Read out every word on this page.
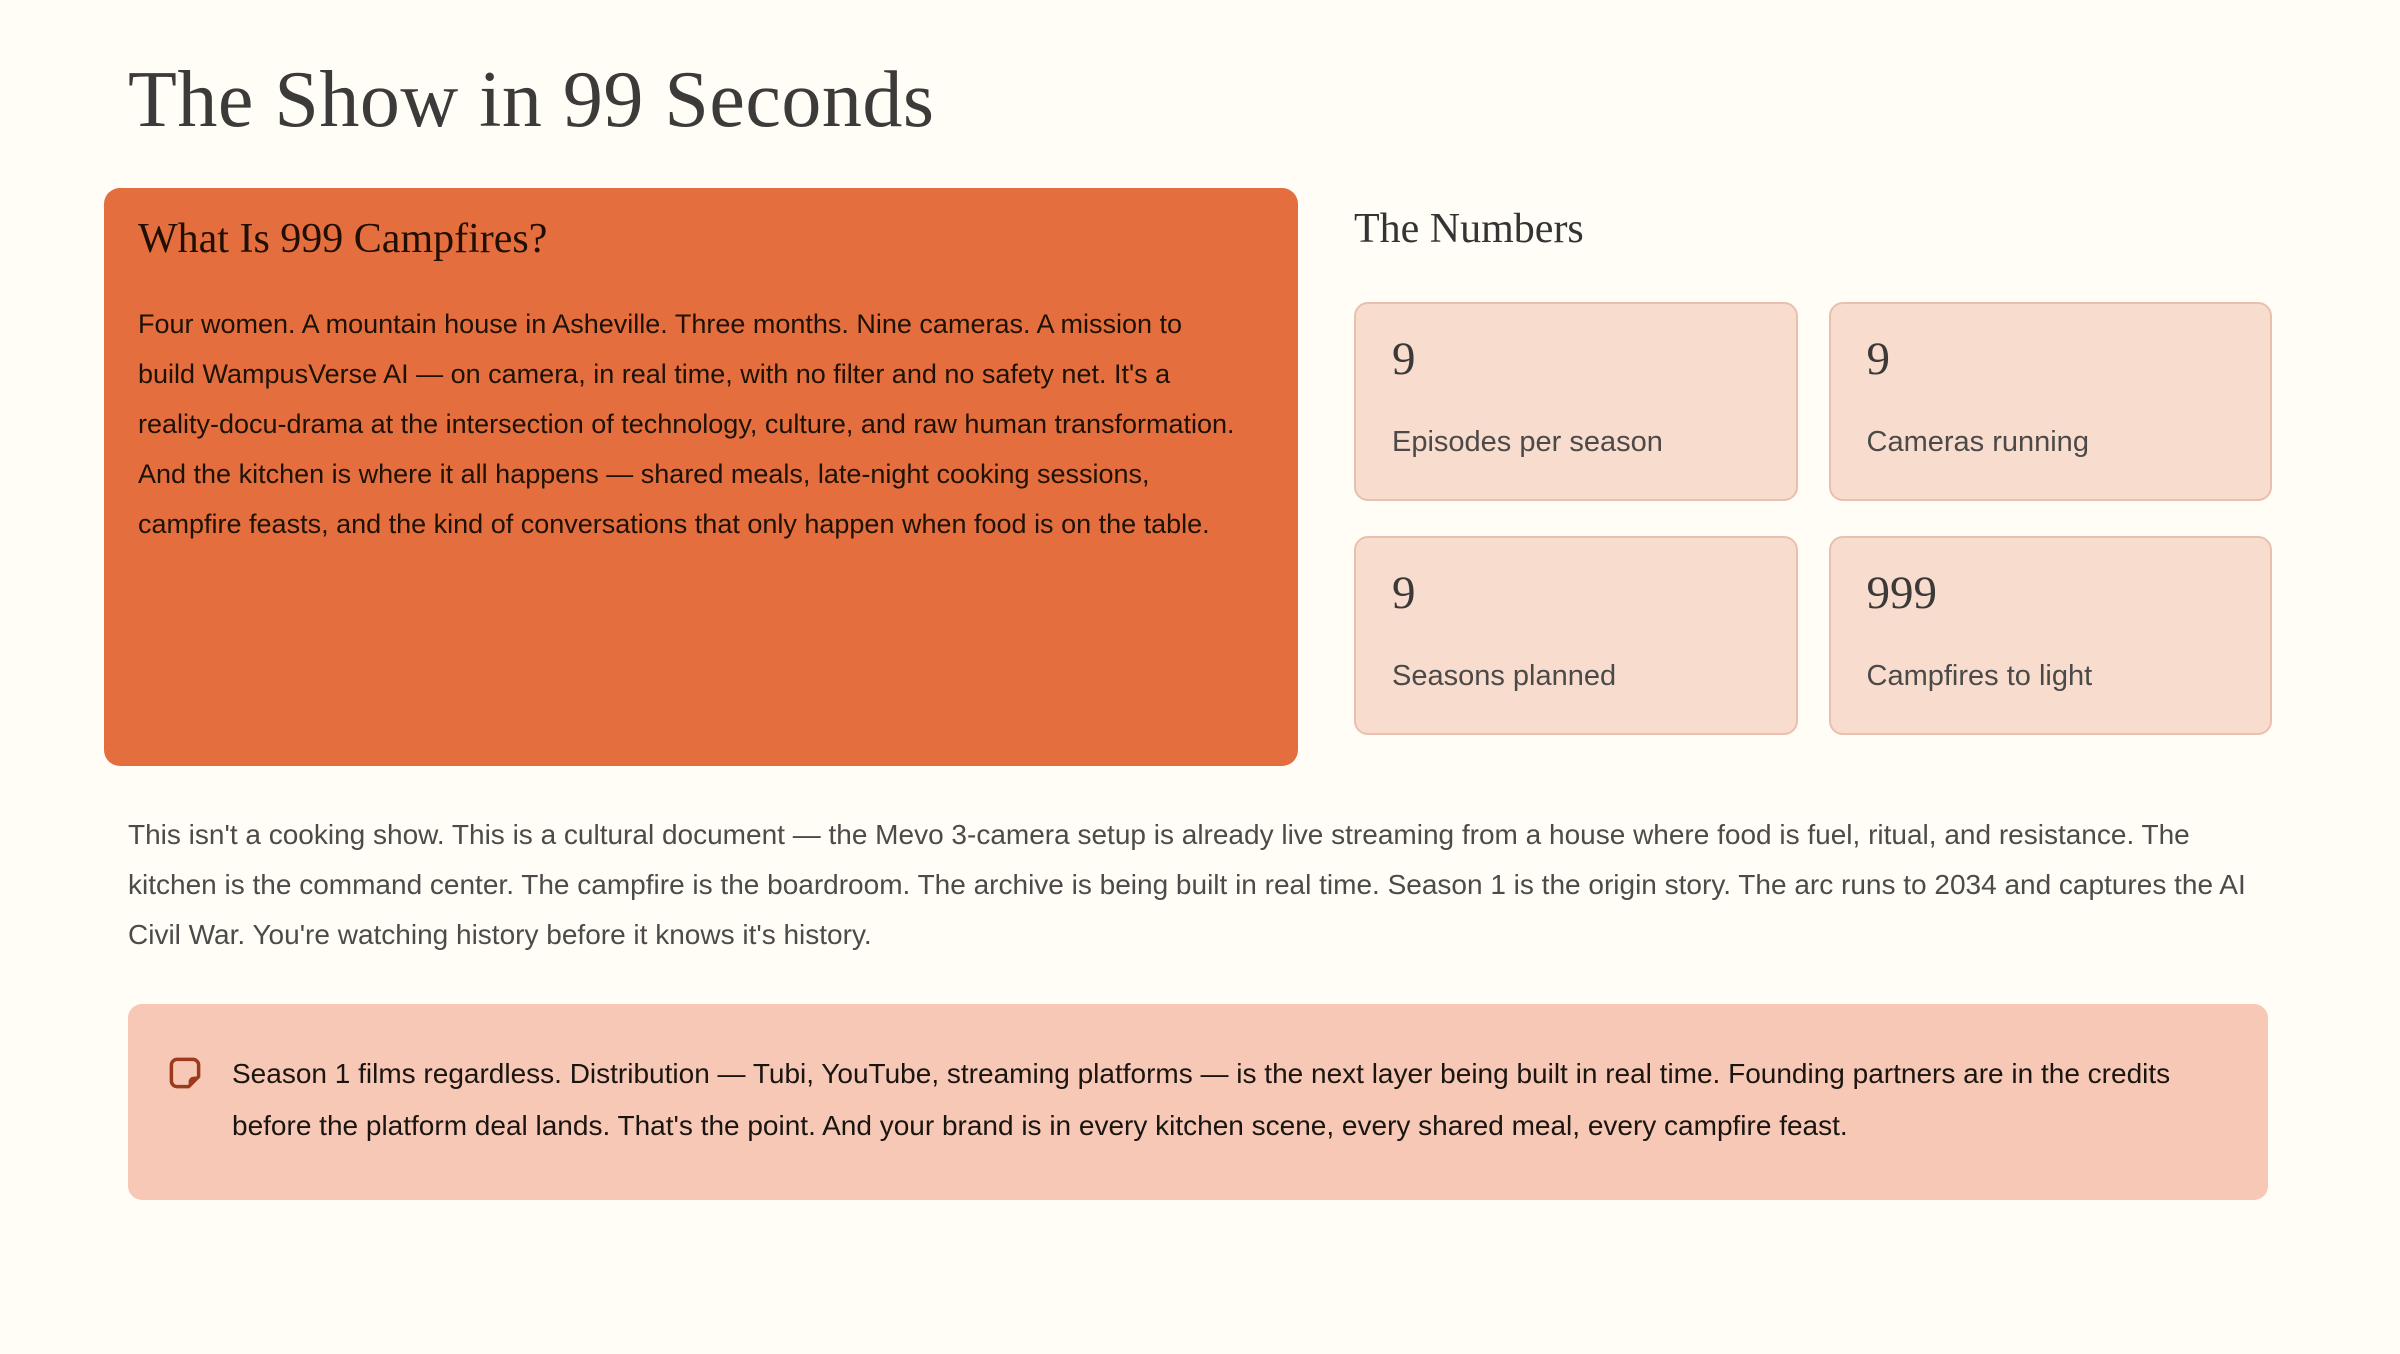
The Show in 99 Seconds
What Is 999 Campfires?

Four women. A mountain house in Asheville. Three months. Nine cameras. A mission to build WampusVerse AI — on camera, in real time, with no filter and no safety net. It's a reality-docu-drama at the intersection of technology, culture, and raw human transformation. And the kitchen is where it all happens — shared meals, late-night cooking sessions, campfire feasts, and the kind of conversations that only happen when food is on the table.

The Numbers
9
Episodes per season
9
Cameras running
9
Seasons planned
999
Campfires to light

This isn't a cooking show. This is a cultural document — the Mevo 3-camera setup is already live streaming from a house where food is fuel, ritual, and resistance. The kitchen is the command center. The campfire is the boardroom. The archive is being built in real time. Season 1 is the origin story. The arc runs to 2034 and captures the AI Civil War. You're watching history before it knows it's history.

Season 1 films regardless. Distribution — Tubi, YouTube, streaming platforms — is the next layer being built in real time. Founding partners are in the credits before the platform deal lands. That's the point. And your brand is in every kitchen scene, every shared meal, every campfire feast.
